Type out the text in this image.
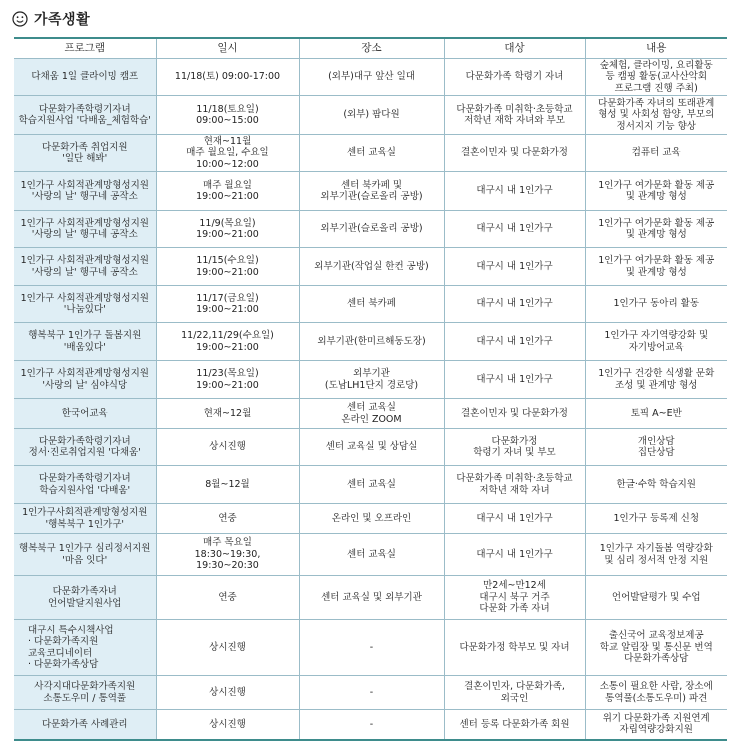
가족생활
프로그램	일시	장소	대상	내용

다채움 1일 클라이밍 캠프	11/18(토) 09:00-17:00	(외부)대구 앞산 일대	다문화가족 학령기 자녀	숲체험, 클라이밍, 요리활동
등 캠핑 활동(교사산악회
프로그램 진행 주최)

다문화가족학령기자녀
학습지원사업 '다배움_체험학습'	11/18(토요일)
09:00~15:00	(외부) 팜다원	다문화가족 미취학·초등학교
저학년 재학 자녀와 부모	다문화가족 자녀의 또래관계
형성 및 사회성 함양, 부모의
정서지지 기능 향상

다문화가족 취업지원
'일단 해봐'	현재~11월
매주 월요일, 수요일
10:00~12:00	센터 교육실	결혼이민자 및 다문화가정	컴퓨터 교육

1인가구 사회적관계망형성지원
'사랑의 날' 행구네 공작소	매주 월요일
19:00~21:00	센터 북카페 및
외부기관(슬로올리 공방)	대구시 내 1인가구	1인가구 여가문화 활동 제공
및 관계망 형성

1인가구 사회적관계망형성지원
'사랑의 날' 행구네 공작소	11/9(목요일)
19:00~21:00	외부기관(슬로올리 공방)	대구시 내 1인가구	1인가구 여가문화 활동 제공
및 관계망 형성

1인가구 사회적관계망형성지원
'사랑의 날' 행구네 공작소	11/15(수요일)
19:00~21:00	외부기관(작업실 한컨 공방)	대구시 내 1인가구	1인가구 여가문화 활동 제공
및 관계망 형성

1인가구 사회적관계망형성지원
'나눔있다'	11/17(금요일)
19:00~21:00	센터 북카페	대구시 내 1인가구	1인가구 동아리 활동

행복북구 1인가구 돌봄지원
'배움있다'	11/22,11/29(수요일)
19:00~21:00	외부기관(한미르해동도장)	대구시 내 1인가구	1인가구 자기역량강화 및
자기방어교육

1인가구 사회적관계망형성지원
'사랑의 날' 심야식당	11/23(목요일)
19:00~21:00	외부기관
(도남LH1단지 경로당)	대구시 내 1인가구	1인가구 건강한 식생활 문화
조성 및 관계망 형성

한국어교육	현재~12월	센터 교육실
온라인 ZOOM	결혼이민자 및 다문화가정	토픽 A~E반

다문화가족학령기자녀
정서·진로취업지원 '다채움'	상시진행	센터 교육실 및 상담실	다문화가정
학령기 자녀 및 부모	개인상담
집단상담

다문화가족학령기자녀
학습지원사업 '다배움'	8월~12월	센터 교육실	다문화가족 미취학·초등학교
저학년 재학 자녀	한글·수학 학습지원

1인가구사회적관계망형성지원
'행복북구 1인가구'	연중	온라인 및 오프라인	대구시 내 1인가구	1인가구 등록제 신청

행복북구 1인가구 심리정서지원
'마음 잇다'	매주 목요일
18:30~19:30,
19:30~20:30	센터 교육실	대구시 내 1인가구	1인가구 자기돌봄 역량강화
및 심리 정서적 안정 지원

다문화가족자녀
언어발달지원사업	연중	센터 교육실 및 외부기관	만2세~만12세
대구시 북구 거주
다문화 가족 자녀	언어발달평가 및 수업

대구시 특수시책사업
· 다문화가족지원
교육코디네이터
· 다문화가족상담	상시진행	-	다문화가정 학부모 및 자녀	출신국어 교육정보제공
학교 알림장 및 통신문 번역
다문화가족상담

사각지대다문화가족지원
소통도우미 / 통역풀	상시진행	-	결혼이민자, 다문화가족,
외국인	소통이 필요한 사람, 장소에
통역풀(소통도우미) 파견

다문화가족 사례관리	상시진행	-	센터 등록 다문화가족 회원	위기 다문화가족 지원연계
자립역량강화지원
